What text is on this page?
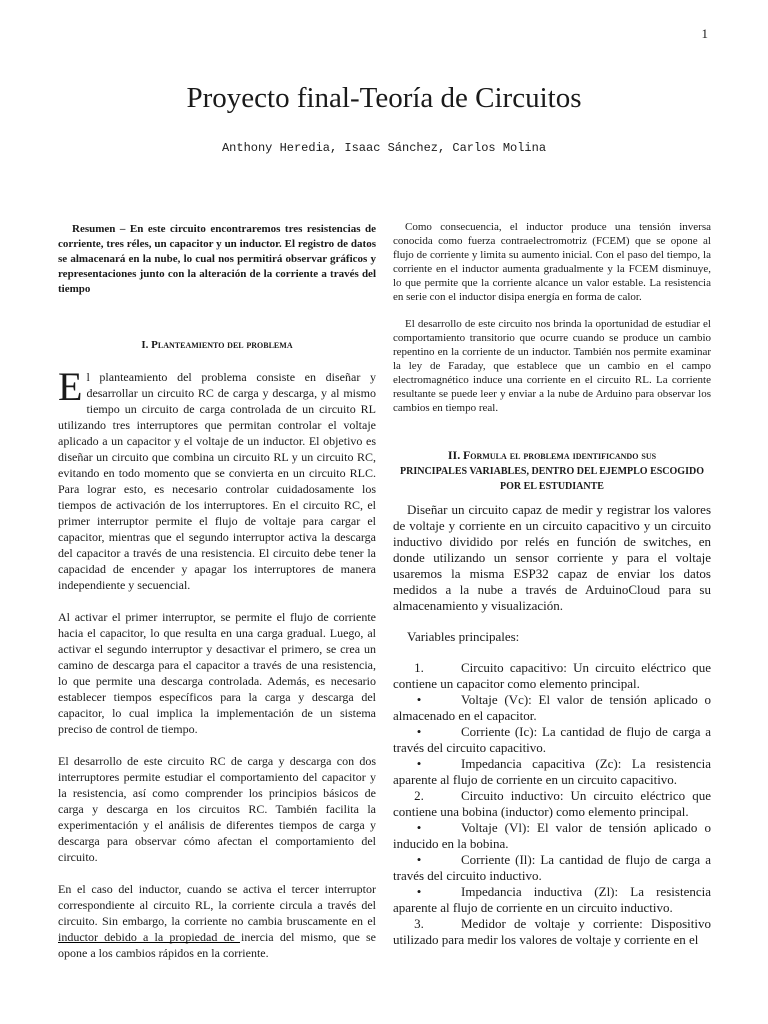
1
Proyecto final-Teoría de Circuitos
Anthony Heredia, Isaac Sánchez, Carlos Molina

Resumen – En este circuito encontraremos tres resistencias de corriente, tres réles, un capacitor y un inductor. El registro de datos se almacenará en la nube, lo cual nos permitirá observar gráficos y representaciones junto con la alteración de la corriente a través del tiempo

I. Planteamiento del problema

El planteamiento del problema consiste en diseñar y desarrollar un circuito RC de carga y descarga, y al mismo tiempo un circuito de carga controlada de un circuito RL utilizando tres interruptores que permitan controlar el voltaje aplicado a un capacitor y el voltaje de un inductor. El objetivo es diseñar un circuito que combina un circuito RL y un circuito RC, evitando en todo momento que se convierta en un circuito RLC. Para lograr esto, es necesario controlar cuidadosamente los tiempos de activación de los interruptores. En el circuito RC, el primer interruptor permite el flujo de voltaje para cargar el capacitor, mientras que el segundo interruptor activa la descarga del capacitor a través de una resistencia. El circuito debe tener la capacidad de encender y apagar los interruptores de manera independiente y secuencial.

Al activar el primer interruptor, se permite el flujo de corriente hacia el capacitor, lo que resulta en una carga gradual. Luego, al activar el segundo interruptor y desactivar el primero, se crea un camino de descarga para el capacitor a través de una resistencia, lo que permite una descarga controlada. Además, es necesario establecer tiempos específicos para la carga y descarga del capacitor, lo cual implica la implementación de un sistema preciso de control de tiempo.

El desarrollo de este circuito RC de carga y descarga con dos interruptores permite estudiar el comportamiento del capacitor y la resistencia, así como comprender los principios básicos de carga y descarga en los circuitos RC. También facilita la experimentación y el análisis de diferentes tiempos de carga y descarga para observar cómo afectan el comportamiento del circuito.

En el caso del inductor, cuando se activa el tercer interruptor correspondiente al circuito RL, la corriente circula a través del circuito. Sin embargo, la corriente no cambia bruscamente en el inductor debido a la propiedad de inercia del mismo, que se opone a los cambios rápidos en la corriente.

Como consecuencia, el inductor produce una tensión inversa conocida como fuerza contraelectromotriz (FCEM) que se opone al flujo de corriente y limita su aumento inicial. Con el paso del tiempo, la corriente en el inductor aumenta gradualmente y la FCEM disminuye, lo que permite que la corriente alcance un valor estable. La resistencia en serie con el inductor disipa energía en forma de calor.

El desarrollo de este circuito nos brinda la oportunidad de estudiar el comportamiento transitorio que ocurre cuando se produce un cambio repentino en la corriente de un inductor. También nos permite examinar la ley de Faraday, que establece que un cambio en el campo electromagnético induce una corriente en el circuito RL. La corriente resultante se puede leer y enviar a la nube de Arduino para observar los cambios en tiempo real.

II. Formula el problema identificando sus
PRINCIPALES VARIABLES, DENTRO DEL EJEMPLO ESCOGIDO POR EL ESTUDIANTE

Diseñar un circuito capaz de medir y registrar los valores de voltaje y corriente en un circuito capacitivo y un circuito inductivo dividido por relés en función de switches, en donde utilizando un sensor corriente y para el voltaje usaremos la misma ESP32 capaz de enviar los datos medidos a la nube a través de ArduinoCloud para su almacenamiento y visualización.

Variables principales:

1.	Circuito capacitivo: Un circuito eléctrico que contiene un capacitor como elemento principal.

•	Voltaje (Vc): El valor de tensión aplicado o almacenado en el capacitor.

•	Corriente (Ic): La cantidad de flujo de carga a través del circuito capacitivo.

•	Impedancia capacitiva (Zc): La resistencia aparente al flujo de corriente en un circuito capacitivo.

2.	Circuito inductivo: Un circuito eléctrico que contiene una bobina (inductor) como elemento principal.

•	Voltaje (Vl): El valor de tensión aplicado o inducido en la bobina.

•	Corriente (Il): La cantidad de flujo de carga a través del circuito inductivo.

•	Impedancia inductiva (Zl): La resistencia aparente al flujo de corriente en un circuito inductivo.

3.	Medidor de voltaje y corriente: Dispositivo utilizado para medir los valores de voltaje y corriente en el
